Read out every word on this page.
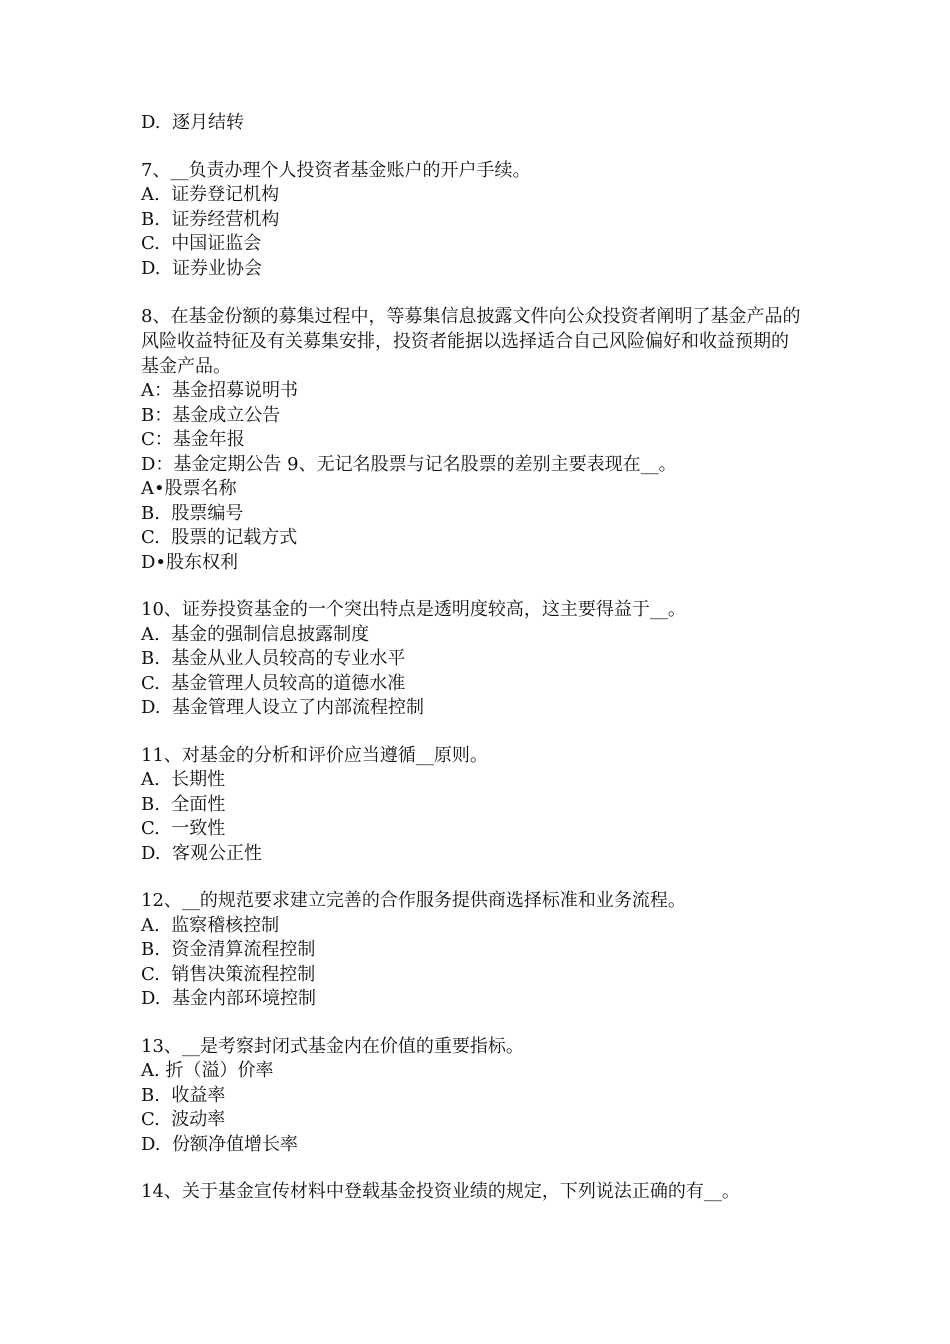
D.  逐月结转
7、__负责办理个人投资者基金账户的开户手续。
A.  证券登记机构
B.  证券经营机构
C.  中国证监会
D.  证券业协会
8、在基金份额的募集过程中，等募集信息披露文件向公众投资者阐明了基金产品的风险收益特征及有关募集安排，投资者能据以选择适合自己风险偏好和收益预期的基金产品。
A：基金招募说明书
B：基金成立公告
C：基金年报
D：基金定期公告 9、无记名股票与记名股票的差别主要表现在__。
A•股票名称
B.  股票编号
C.  股票的记载方式
D•股东权利
10、证券投资基金的一个突出特点是透明度较高，这主要得益于__。
A.  基金的强制信息披露制度
B.  基金从业人员较高的专业水平
C.  基金管理人员较高的道德水准
D.  基金管理人设立了内部流程控制
11、对基金的分析和评价应当遵循__原则。
A.  长期性
B.  全面性
C.  一致性
D.  客观公正性
12、__的规范要求建立完善的合作服务提供商选择标准和业务流程。
A.  监察稽核控制
B.  资金清算流程控制
C.  销售决策流程控制
D.  基金内部环境控制
13、__是考察封闭式基金内在价值的重要指标。
A. 折（溢）价率
B.  收益率
C.  波动率
D.  份额净值增长率
14、关于基金宣传材料中登载基金投资业绩的规定，下列说法正确的有__。
